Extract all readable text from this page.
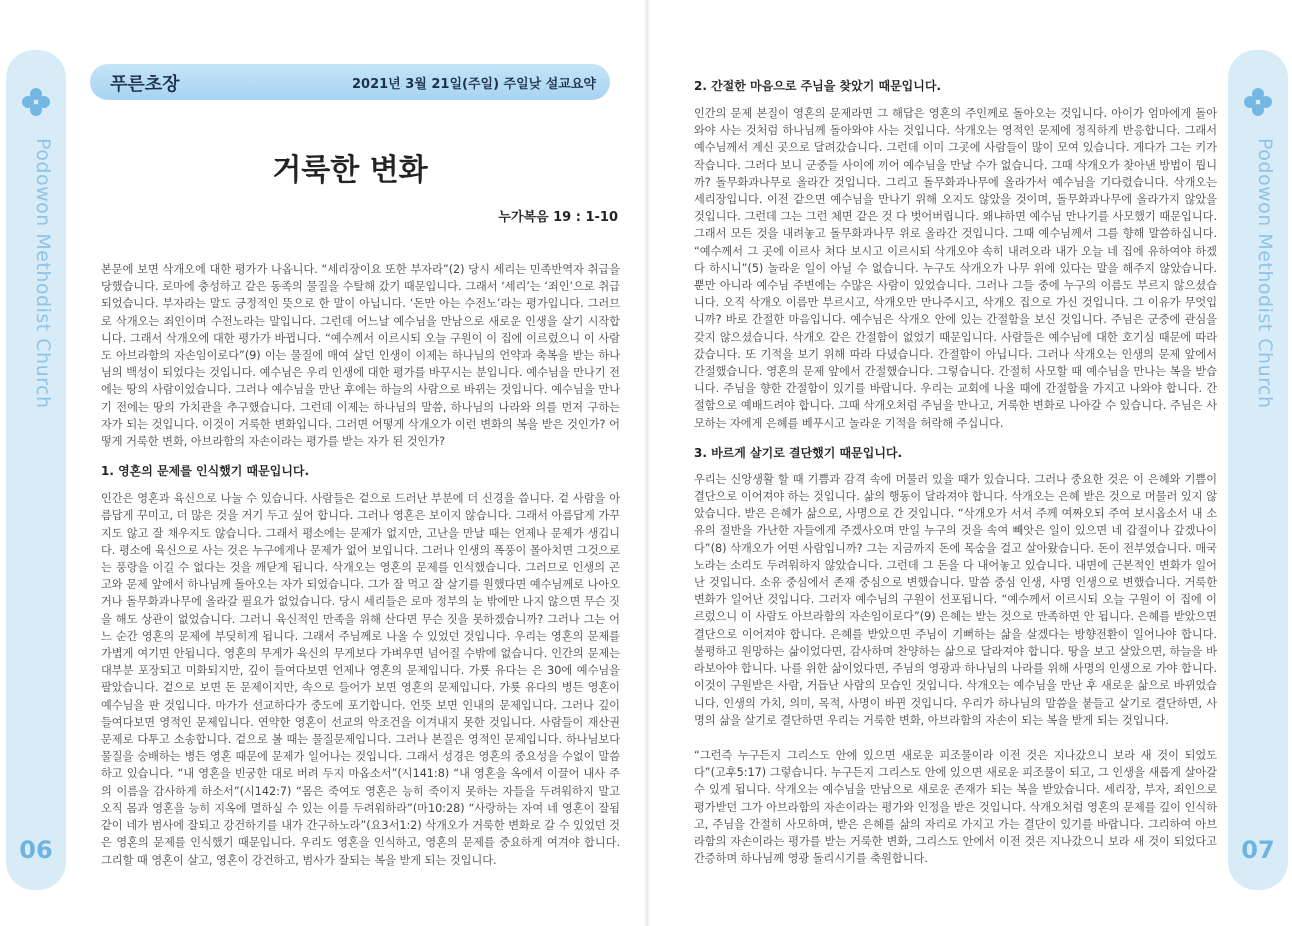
Podowon Methodist Church
06
푸른초장	2021년 3월 21일(주일) 주일낮 설교요약
거룩한 변화
누가복음 19 : 1-10

본문에 보면 삭개오에 대한 평가가 나옵니다. “세리장이요 또한 부자라”(2) 당시 세리는 민족반역자 취급을 당했습니다. 로마에 충성하고 같은 동족의 물질을 수탈해 갔기 때문입니다. 그래서 ‘세리’는 ‘죄인’으로 취급되었습니다. 부자라는 말도 긍정적인 뜻으로 한 말이 아닙니다. ‘돈만 아는 수전노’라는 평가입니다. 그러므로 삭개오는 죄인이며 수전노라는 말입니다. 그런데 어느날 예수님을 만남으로 새로운 인생을 살기 시작합니다. 그래서 삭개오에 대한 평가가 바뀝니다. “예수께서 이르시되 오늘 구원이 이 집에 이르렀으니 이 사람도 아브라함의 자손임이로다”(9) 이는 물질에 매여 살던 인생이 이제는 하나님의 언약과 축복을 받는 하나님의 백성이 되었다는 것입니다. 예수님은 우리 인생에 대한 평가를 바꾸시는 분입니다. 예수님을 만나기 전에는 땅의 사람이었습니다. 그러나 예수님을 만난 후에는 하늘의 사람으로 바뀌는 것입니다. 예수님을 만나기 전에는 땅의 가치관을 추구했습니다. 그런데 이제는 하나님의 말씀, 하나님의 나라와 의를 먼저 구하는 자가 되는 것입니다. 이것이 거룩한 변화입니다. 그러면 어떻게 삭개오가 이런 변화의 복을 받은 것인가? 어떻게 거룩한 변화, 아브라함의 자손이라는 평가를 받는 자가 된 것인가?

1. 영혼의 문제를 인식했기 때문입니다.

인간은 영혼과 육신으로 나눌 수 있습니다. 사람들은 겉으로 드러난 부분에 더 신경을 씁니다. 겉 사람을 아름답게 꾸미고, 더 많은 것을 거기 두고 싶어 합니다. 그러나 영혼은 보이지 않습니다. 그래서 아름답게 가꾸지도 않고 잘 채우지도 않습니다. 그래서 평소에는 문제가 없지만, 고난을 만날 때는 언제나 문제가 생깁니다. 평소에 육신으로 사는 것은 누구에게나 문제가 없어 보입니다. 그러나 인생의 폭풍이 몰아치면 그것으로는 풍랑을 이길 수 없다는 것을 깨닫게 됩니다. 삭개오는 영혼의 문제를 인식했습니다. 그러므로 인생의 곤고와 문제 앞에서 하나님께 돌아오는 자가 되었습니다. 그가 잘 먹고 잘 살기를 원했다면 예수님께로 나아오거나 돌무화과나무에 올라갈 필요가 없었습니다. 당시 세리들은 로마 정부의 눈 밖에만 나지 않으면 무슨 짓을 해도 상관이 없었습니다. 그러니 육신적인 만족을 위해 산다면 무슨 짓을 못하겠습니까? 그러나 그는 어느 순간 영혼의 문제에 부딪히게 됩니다. 그래서 주님께로 나올 수 있었던 것입니다. 우리는 영혼의 문제를 가볍게 여기면 안됩니다. 영혼의 무게가 육신의 무게보다 가벼우면 넘어질 수밖에 없습니다. 인간의 문제는 대부분 포장되고 미화되지만, 깊이 들여다보면 언제나 영혼의 문제입니다. 가룟 유다는 은 30에 예수님을 팔았습니다. 겉으로 보면 돈 문제이지만, 속으로 들어가 보면 영혼의 문제입니다. 가룟 유다의 병든 영혼이 예수님을 판 것입니다. 마가가 선교하다가 중도에 포기합니다. 언뜻 보면 인내의 문제입니다. 그러나 깊이 들여다보면 영적인 문제입니다. 연약한 영혼이 선교의 악조건을 이겨내지 못한 것입니다. 사람들이 재산권 문제로 다투고 소송합니다. 겉으로 볼 때는 물질문제입니다. 그러나 본질은 영적인 문제입니다. 하나님보다 물질을 숭배하는 병든 영혼 때문에 문제가 일어나는 것입니다. 그래서 성경은 영혼의 중요성을 수없이 말씀하고 있습니다. “내 영혼을 빈궁한 대로 버려 두지 마옵소서”(시141:8) “내 영혼을 옥에서 이끌어 내사 주의 이름을 감사하게 하소서”(시142:7) “몸은 죽여도 영혼은 능히 죽이지 못하는 자들을 두려워하지 말고 오직 몸과 영혼을 능히 지옥에 멸하실 수 있는 이를 두려워하라”(마10:28) “사랑하는 자여 네 영혼이 잘됨 같이 네가 범사에 잘되고 강건하기를 내가 간구하노라”(요3서1:2) 삭개오가 거룩한 변화로 갈 수 있었던 것은 영혼의 문제를 인식했기 때문입니다. 우리도 영혼을 인식하고, 영혼의 문제를 중요하게 여겨야 합니다. 그리할 때 영혼이 살고, 영혼이 강건하고, 범사가 잘되는 복을 받게 되는 것입니다.

2. 간절한 마음으로 주님을 찾았기 때문입니다.

인간의 문제 본질이 영혼의 문제라면 그 해답은 영혼의 주인께로 돌아오는 것입니다. 아이가 엄마에게 돌아와야 사는 것처럼 하나님께 돌아와야 사는 것입니다. 삭개오는 영적인 문제에 정직하게 반응합니다. 그래서 예수님께서 계신 곳으로 달려갔습니다. 그런데 이미 그곳에 사람들이 많이 모여 있습니다. 게다가 그는 키가 작습니다. 그러다 보니 군중들 사이에 끼어 예수님을 만날 수가 없습니다. 그때 삭개오가 찾아낸 방법이 뭡니까? 돌무화과나무로 올라간 것입니다. 그리고 돌무화과나무에 올라가서 예수님을 기다렸습니다. 삭개오는 세리장입니다. 이전 같으면 예수님을 만나기 위해 오지도 않았을 것이며, 돌무화과나무에 올라가지 않았을 것입니다. 그런데 그는 그런 체면 같은 것 다 벗어버립니다. 왜냐하면 예수님 만나기를 사모했기 때문입니다. 그래서 모든 것을 내려놓고 돌무화과나무 위로 올라간 것입니다. 그때 예수님께서 그를 향해 말씀하십니다. “예수께서 그 곳에 이르사 쳐다 보시고 이르시되 삭개오야 속히 내려오라 내가 오늘 네 집에 유하여야 하겠다 하시니”(5) 놀라운 일이 아닐 수 없습니다. 누구도 삭개오가 나무 위에 있다는 말을 해주지 않았습니다. 뿐만 아니라 예수님 주변에는 수많은 사람이 있었습니다. 그러나 그들 중에 누구의 이름도 부르지 않으셨습니다. 오직 삭개오 이름만 부르시고, 삭개오만 만나주시고, 삭개오 집으로 가신 것입니다. 그 이유가 무엇입니까? 바로 간절한 마음입니다. 예수님은 삭개오 안에 있는 간절함을 보신 것입니다. 주님은 군중에 관심을 갖지 않으셨습니다. 삭개오 같은 간절함이 없었기 때문입니다. 사람들은 예수님에 대한 호기심 때문에 따라갔습니다. 또 기적을 보기 위해 따라 다녔습니다. 간절함이 아닙니다. 그러나 삭개오는 인생의 문제 앞에서 간절했습니다. 영혼의 문제 앞에서 간절했습니다. 그렇습니다. 간절히 사모할 때 예수님을 만나는 복을 받습니다. 주님을 향한 간절함이 있기를 바랍니다. 우리는 교회에 나올 때에 간절함을 가지고 나와야 합니다. 간절함으로 예배드려야 합니다. 그때 삭개오처럼 주님을 만나고, 거룩한 변화로 나아갈 수 있습니다. 주님은 사모하는 자에게 은혜를 베푸시고 놀라운 기적을 허락해 주십니다.

3. 바르게 살기로 결단했기 때문입니다.

우리는 신앙생활 할 때 기쁨과 감격 속에 머물러 있을 때가 있습니다. 그러나 중요한 것은 이 은혜와 기쁨이 결단으로 이어져야 하는 것입니다. 삶의 행동이 달라져야 합니다. 삭개오는 은혜 받은 것으로 머물러 있지 않았습니다. 받은 은혜가 삶으로, 사명으로 간 것입니다. “삭개오가 서서 주께 여짜오되 주여 보시옵소서 내 소유의 절반을 가난한 자들에게 주겠사오며 만일 누구의 것을 속여 빼앗은 일이 있으면 네 갑절이나 갚겠나이다”(8) 삭개오가 어떤 사람입니까? 그는 지금까지 돈에 목숨을 걸고 살아왔습니다. 돈이 전부였습니다. 매국노라는 소리도 두려워하지 않았습니다. 그런데 그 돈을 다 내어놓고 있습니다. 내면에 근본적인 변화가 일어난 것입니다. 소유 중심에서 존재 중심으로 변했습니다. 말씀 중심 인생, 사명 인생으로 변했습니다. 거룩한 변화가 일어난 것입니다. 그러자 예수님의 구원이 선포됩니다. “예수께서 이르시되 오늘 구원이 이 집에 이르렀으니 이 사람도 아브라함의 자손임이로다”(9) 은혜는 받는 것으로 만족하면 안 됩니다. 은혜를 받았으면 결단으로 이어져야 합니다. 은혜를 받았으면 주님이 기뻐하는 삶을 살겠다는 방향전환이 일어나야 합니다. 불평하고 원망하는 삶이었다면, 감사하며 찬양하는 삶으로 달라져야 합니다. 땅을 보고 살았으면, 하늘을 바라보아야 합니다. 나를 위한 삶이었다면, 주님의 영광과 하나님의 나라를 위해 사명의 인생으로 가야 합니다. 이것이 구원받은 사람, 거듭난 사람의 모습인 것입니다. 삭개오는 예수님을 만난 후 새로운 삶으로 바뀌었습니다. 인생의 가치, 의미, 목적, 사명이 바뀐 것입니다. 우리가 하나님의 말씀을 붙들고 살기로 결단하면, 사명의 삶을 살기로 결단하면 우리는 거룩한 변화, 아브라함의 자손이 되는 복을 받게 되는 것입니다.

“그런즉 누구든지 그리스도 안에 있으면 새로운 피조물이라 이전 것은 지나갔으니 보라 새 것이 되었도다”(고후5:17) 그렇습니다. 누구든지 그리스도 안에 있으면 새로운 피조물이 되고, 그 인생을 새롭게 살아갈 수 있게 됩니다. 삭개오는 예수님을 만남으로 새로운 존재가 되는 복을 받았습니다. 세리장, 부자, 죄인으로 평가받던 그가 아브라함의 자손이라는 평가와 인정을 받은 것입니다. 삭개오처럼 영혼의 문제를 깊이 인식하고, 주님을 간절히 사모하며, 받은 은혜를 삶의 자리로 가지고 가는 결단이 있기를 바랍니다. 그리하여 아브라함의 자손이라는 평가를 받는 거룩한 변화, 그리스도 안에서 이전 것은 지나갔으니 보라 새 것이 되었다고 간증하며 하나님께 영광 돌리시기를 축원합니다.

Podowon Methodist Church
07
